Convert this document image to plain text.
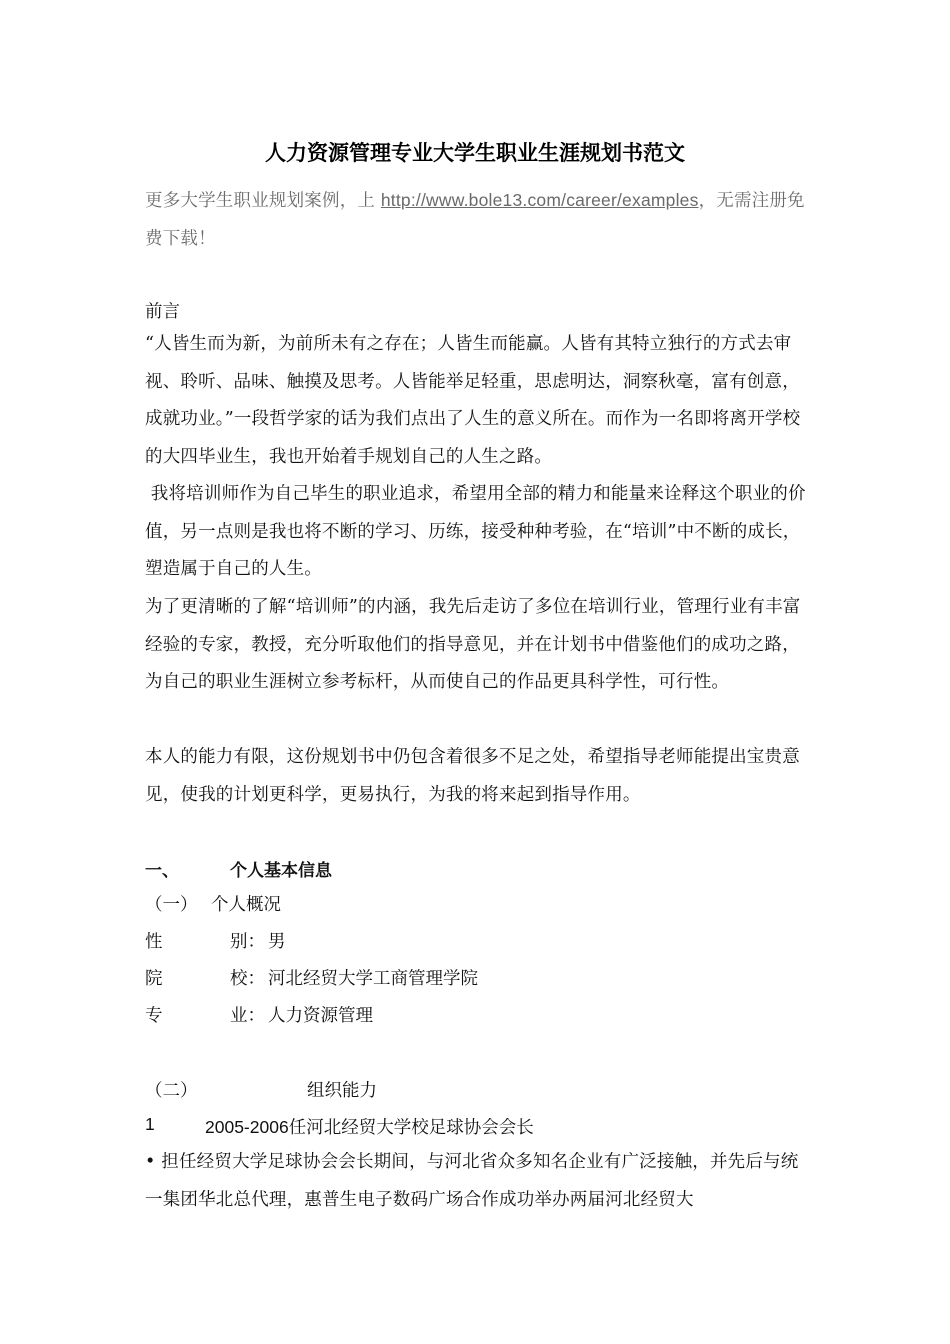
人力资源管理专业大学生职业生涯规划书范文
更多大学生职业规划案例，上 http://www.bole13.com/career/examples，无需注册免费下载！
前言
“人皆生而为新，为前所未有之存在；人皆生而能赢。人皆有其特立独行的方式去审视、聆听、品味、触摸及思考。人皆能举足轻重，思虑明达，洞察秋毫，富有创意，成就功业。”一段哲学家的话为我们点出了人生的意义所在。而作为一名即将离开学校的大四毕业生，我也开始着手规划自己的人生之路。
我将培训师作为自己毕生的职业追求，希望用全部的精力和能量来诠释这个职业的价值，另一点则是我也将不断的学习、历练，接受种种考验，在“培训”中不断的成长，塑造属于自己的人生。
为了更清晰的了解“培训师”的内涵，我先后走访了多位在培训行业，管理行业有丰富经验的专家，教授，充分听取他们的指导意见，并在计划书中借鉴他们的成功之路，为自己的职业生涯树立参考标杆，从而使自己的作品更具科学性，可行性。
本人的能力有限，这份规划书中仍包含着很多不足之处，希望指导老师能提出宝贵意见，使我的计划更科学，更易执行，为我的将来起到指导作用。
一、	个人基本信息
（一） 个人概况
性	别： 男
院	校： 河北经贸大学工商管理学院
专	业： 人力资源管理
（二）	组织能力
1	2005-2006任河北经贸大学校足球协会会长
• 担任经贸大学足球协会会长期间，与河北省众多知名企业有广泛接触，并先后与统一集团华北总代理，惠普生电子数码广场合作成功举办两届河北经贸大
